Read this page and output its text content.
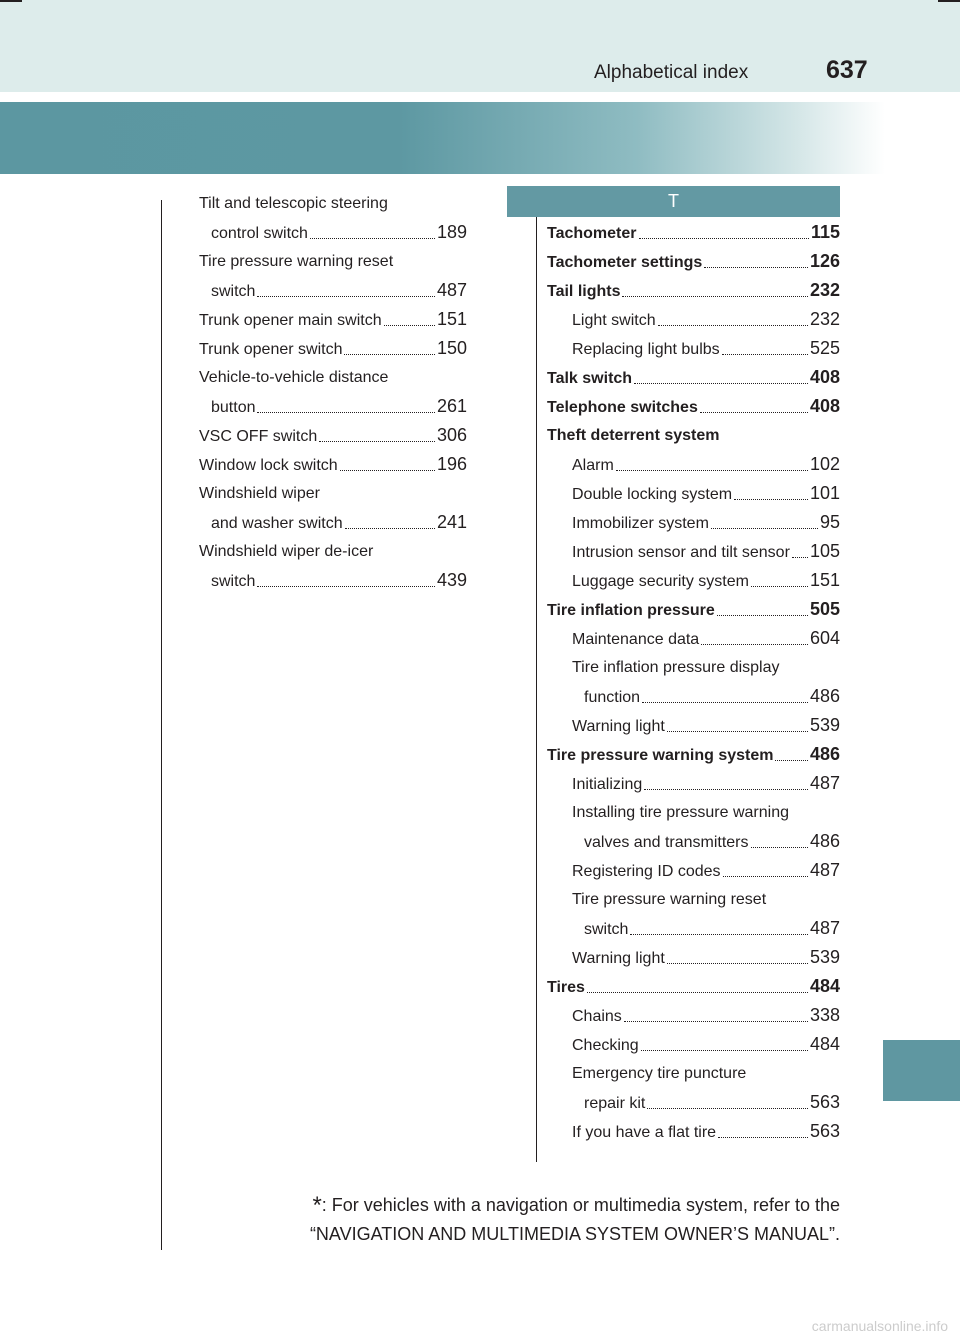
Alphabetical index	637
T
Tilt and telescopic steering
control switch	189
Tire pressure warning reset
switch	487
Trunk opener main switch	151
Trunk opener switch	150
Vehicle-to-vehicle distance
button	261
VSC OFF switch	306
Window lock switch	196
Windshield wiper
and washer switch	241
Windshield wiper de-icer
switch	439
Tachometer	115
Tachometer settings	126
Tail lights	232
Light switch	232
Replacing light bulbs	525
Talk switch	408
Telephone switches	408
Theft deterrent system
Alarm	102
Double locking system	101
Immobilizer system	95
Intrusion sensor and tilt sensor 105
Luggage security system	151
Tire inflation pressure	505
Maintenance data	604
Tire inflation pressure display
function	486
Warning light	539
Tire pressure warning system 486
Initializing	487
Installing tire pressure warning
valves and transmitters	486
Registering ID codes	487
Tire pressure warning reset
switch	487
Warning light	539
Tires	484
Chains	338
Checking	484
Emergency tire puncture
repair kit	563
If you have a flat tire	563
*: For vehicles with a navigation or multimedia system, refer to the
“NAVIGATION AND MULTIMEDIA SYSTEM OWNER’S MANUAL”.
carmanualsonline.info
